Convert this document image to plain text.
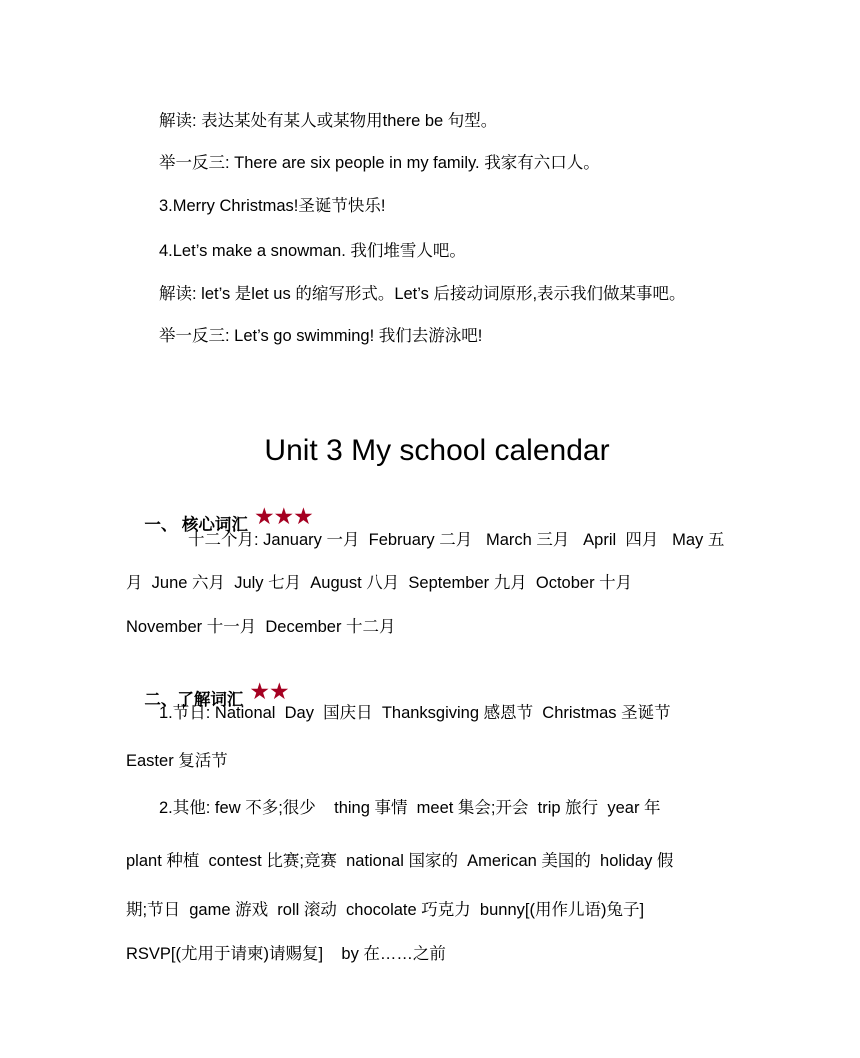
解读: 表达某处有某人或某物用there be 句型。
举一反三: There are six people in my family. 我家有六口人。
3.Merry Christmas!圣诞节快乐!
4.Let’s make a snowman. 我们堆雪人吧。
解读: let’s 是let us 的缩写形式。Let’s 后接动词原形,表示我们做某事吧。
举一反三: Let’s go swimming! 我们去游泳吧!
Unit 3 My school calendar

一、 核心词汇 ★★★

十二个月: January 一月  February 二月   March 三月   April  四月   May 五
月  June 六月  July 七月  August 八月  September 九月  October 十月
November 十一月  December 十二月

二、了解词汇 ★★

1.节日: National  Day  国庆日  Thanksgiving 感恩节  Christmas 圣诞节
Easter 复活节
2.其他: few 不多;很少    thing 事情  meet 集会;开会  trip 旅行  year 年
plant 种植  contest 比赛;竞赛  national 国家的  American 美国的  holiday 假
期;节日  game 游戏  roll 滚动  chocolate 巧克力  bunny[(用作儿语)兔子]
RSVP[(尤用于请柬)请赐复]    by 在……之前
